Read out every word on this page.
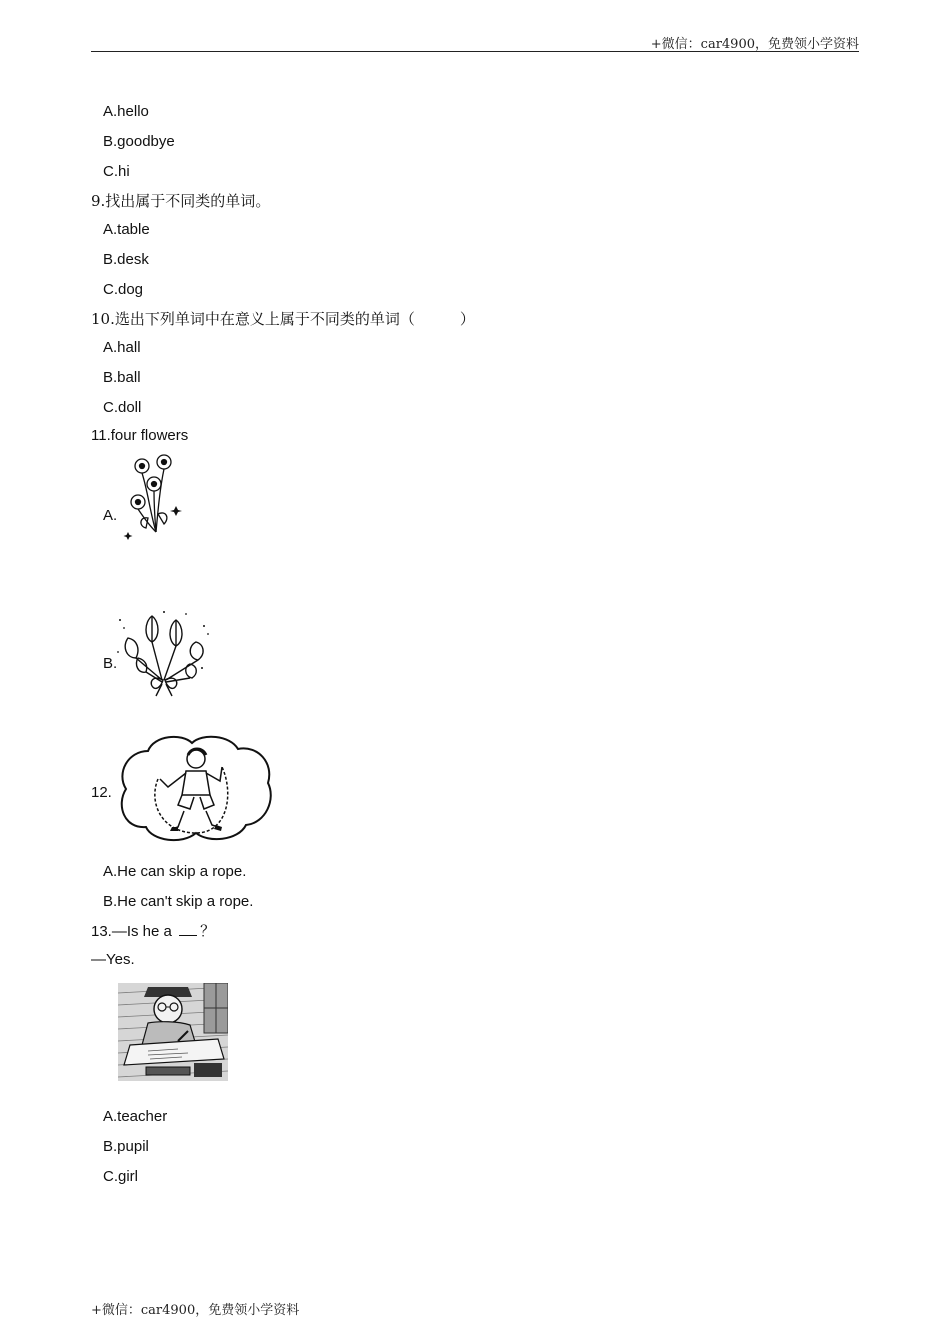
+微信：car4900，免费领小学资料
A.hello
B.goodbye
C.hi
9.找出属于不同类的单词。
A.table
B.desk
C.dog
10.选出下列单词中在意义上属于不同类的单词（　　　）
A.hall
B.ball
C.doll
11.four flowers
A.
B.
12.
A.He can skip a rope.
B.He can't skip a rope.
13.—Is he a ？
—Yes.
A.teacher
B.pupil
C.girl
+微信：car4900，免费领小学资料
